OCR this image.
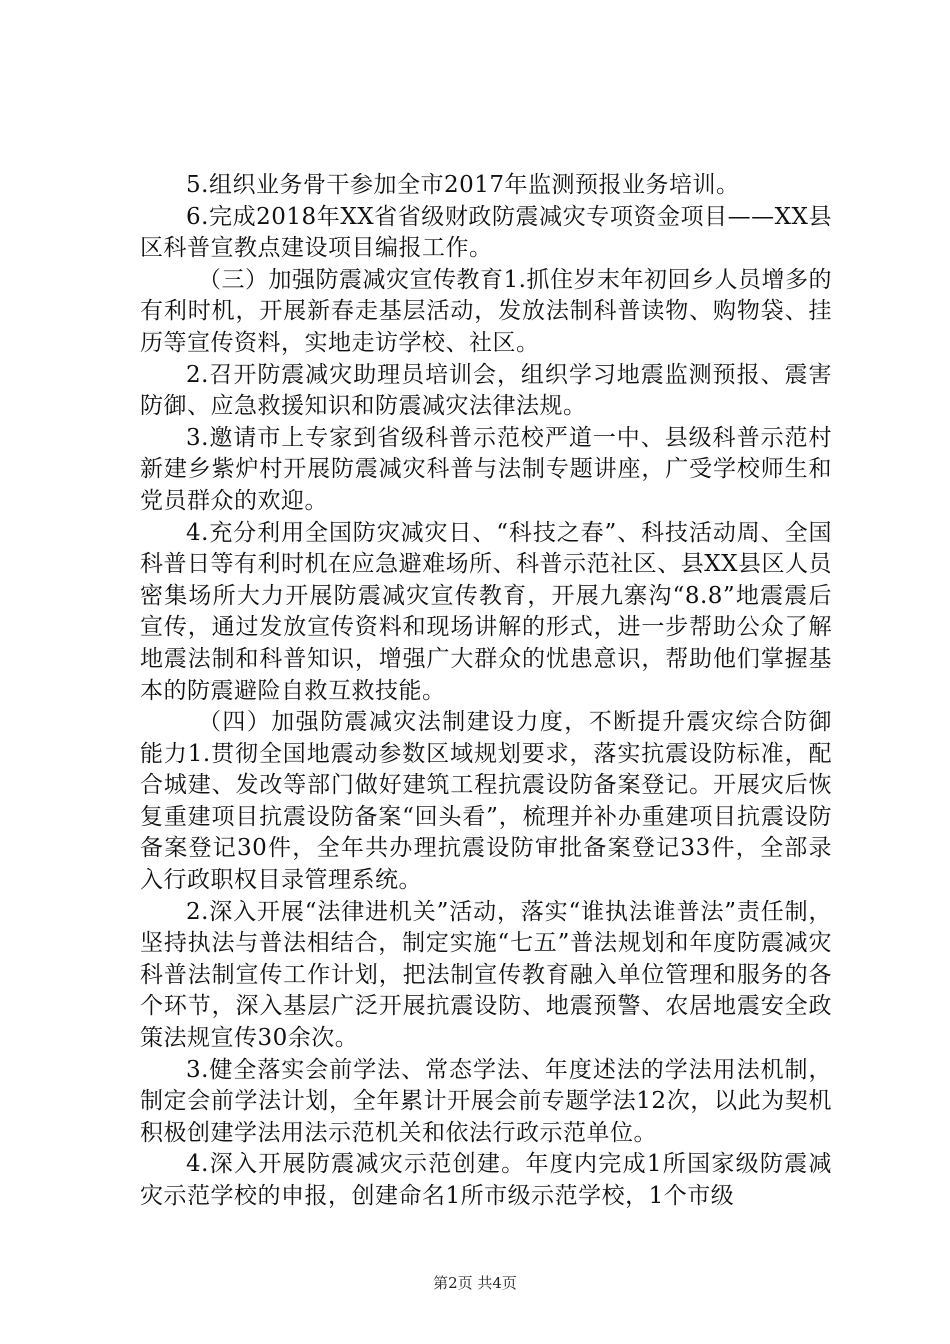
5.组织业务骨干参加全市2017年监测预报业务培训。

6.完成2018年XX省省级财政防震减灾专项资金项目——XX县区科普宣教点建设项目编报工作。

（三）加强防震减灾宣传教育1.抓住岁末年初回乡人员增多的有利时机，开展新春走基层活动，发放法制科普读物、购物袋、挂历等宣传资料，实地走访学校、社区。

2.召开防震减灾助理员培训会，组织学习地震监测预报、震害防御、应急救援知识和防震减灾法律法规。

3.邀请市上专家到省级科普示范校严道一中、县级科普示范村新建乡紫炉村开展防震减灾科普与法制专题讲座，广受学校师生和党员群众的欢迎。

4.充分利用全国防灾减灾日、“科技之春”、科技活动周、全国科普日等有利时机在应急避难场所、科普示范社区、县XX县区人员密集场所大力开展防震减灾宣传教育，开展九寨沟“8.8”地震震后宣传，通过发放宣传资料和现场讲解的形式，进一步帮助公众了解地震法制和科普知识，增强广大群众的忧患意识，帮助他们掌握基本的防震避险自救互救技能。

（四）加强防震减灾法制建设力度，不断提升震灾综合防御能力1.贯彻全国地震动参数区域规划要求，落实抗震设防标准，配合城建、发改等部门做好建筑工程抗震设防备案登记。开展灾后恢复重建项目抗震设防备案“回头看”，梳理并补办重建项目抗震设防备案登记30件，全年共办理抗震设防审批备案登记33件，全部录入行政职权目录管理系统。

2.深入开展“法律进机关”活动，落实“谁执法谁普法”责任制，坚持执法与普法相结合，制定实施“七五”普法规划和年度防震减灾科普法制宣传工作计划，把法制宣传教育融入单位管理和服务的各个环节，深入基层广泛开展抗震设防、地震预警、农居地震安全政策法规宣传30余次。

3.健全落实会前学法、常态学法、年度述法的学法用法机制，制定会前学法计划，全年累计开展会前专题学法12次，以此为契机积极创建学法用法示范机关和依法行政示范单位。

4.深入开展防震减灾示范创建。年度内完成1所国家级防震减灾示范学校的申报，创建命名1所市级示范学校，1个市级

第2页 共4页
